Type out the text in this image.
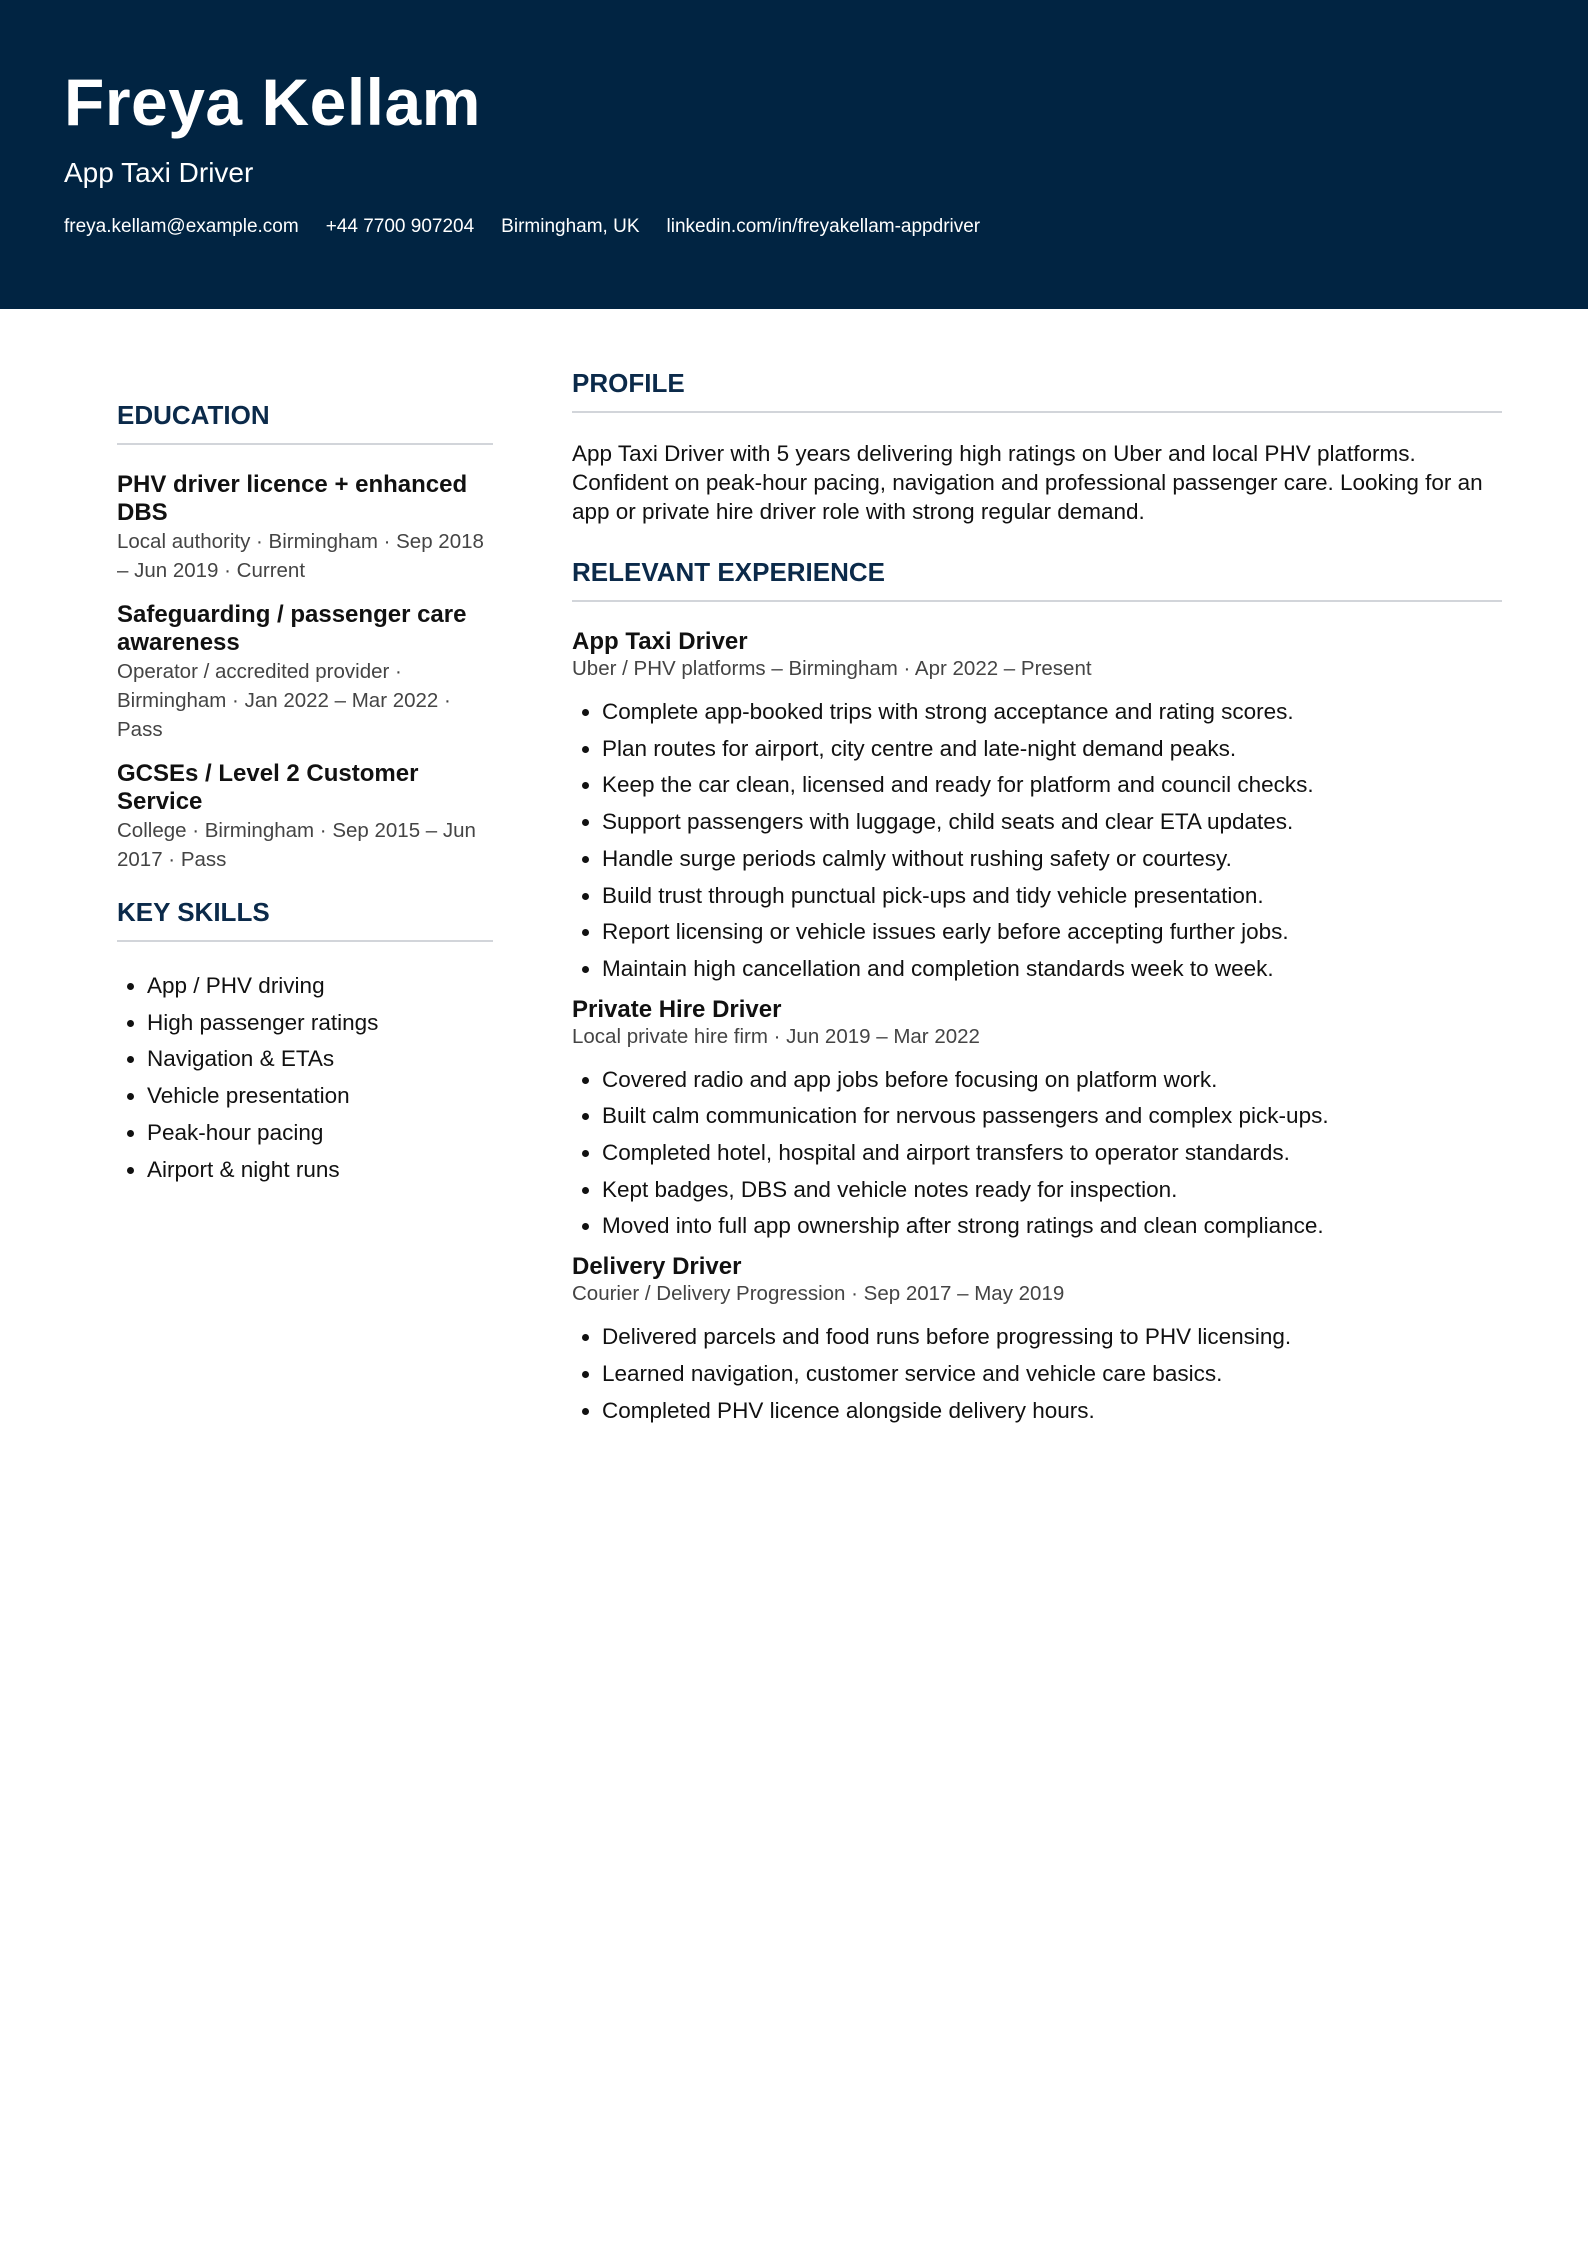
Freya Kellam
App Taxi Driver
freya.kellam@example.com +44 7700 907204 Birmingham, UK linkedin.com/in/freyakellam-appdriver
EDUCATION
PHV driver licence + enhanced DBS
Local authority · Birmingham · Sep 2018 – Jun 2019 · Current
Safeguarding / passenger care awareness
Operator / accredited provider · Birmingham · Jan 2022 – Mar 2022 · Pass
GCSEs / Level 2 Customer Service
College · Birmingham · Sep 2015 – Jun 2017 · Pass
KEY SKILLS
• App / PHV driving
• High passenger ratings
• Navigation & ETAs
• Vehicle presentation
• Peak-hour pacing
• Airport & night runs
PROFILE

App Taxi Driver with 5 years delivering high ratings on Uber and local PHV platforms. Confident on peak-hour pacing, navigation and professional passenger care. Looking for an app or private hire driver role with strong regular demand.

RELEVANT EXPERIENCE
App Taxi Driver
Uber / PHV platforms – Birmingham · Apr 2022 – Present
• Complete app-booked trips with strong acceptance and rating scores.
• Plan routes for airport, city centre and late-night demand peaks.
• Keep the car clean, licensed and ready for platform and council checks.
• Support passengers with luggage, child seats and clear ETA updates.
• Handle surge periods calmly without rushing safety or courtesy.
• Build trust through punctual pick-ups and tidy vehicle presentation.
• Report licensing or vehicle issues early before accepting further jobs.
• Maintain high cancellation and completion standards week to week.
Private Hire Driver
Local private hire firm · Jun 2019 – Mar 2022
• Covered radio and app jobs before focusing on platform work.
• Built calm communication for nervous passengers and complex pick-ups.
• Completed hotel, hospital and airport transfers to operator standards.
• Kept badges, DBS and vehicle notes ready for inspection.
• Moved into full app ownership after strong ratings and clean compliance.
Delivery Driver
Courier / Delivery Progression · Sep 2017 – May 2019
• Delivered parcels and food runs before progressing to PHV licensing.
• Learned navigation, customer service and vehicle care basics.
• Completed PHV licence alongside delivery hours.
